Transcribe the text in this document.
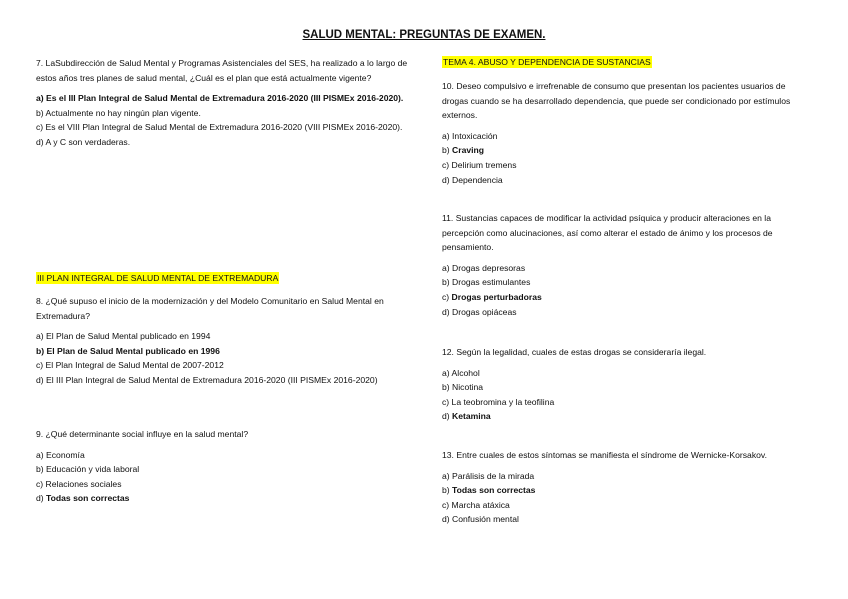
SALUD MENTAL: PREGUNTAS DE EXAMEN.

7. LaSubdirección de Salud Mental y Programas Asistenciales del SES, ha realizado a lo largo de estos años tres planes de salud mental, ¿Cuál es el plan que está actualmente vigente?

a) Es el III Plan Integral de Salud Mental de Extremadura 2016-2020 (III PISMEx 2016-2020).

b) Actualmente no hay ningún plan vigente.

c) Es el VIII Plan Integral de Salud Mental de Extremadura 2016-2020 (VIII PISMEx 2016-2020).

d) A y C son verdaderas.

III PLAN INTEGRAL DE SALUD MENTAL DE EXTREMADURA

8. ¿Qué supuso el inicio de la modernización y del Modelo Comunitario en Salud Mental en Extremadura?

a) El Plan de Salud Mental publicado en 1994

b) El Plan de Salud Mental publicado en 1996

c) El Plan Integral de Salud Mental de 2007-2012

d) El III Plan Integral de Salud Mental de Extremadura 2016-2020 (III PISMEx 2016-2020)

9. ¿Qué determinante social influye en la salud mental?

a) Economía

b) Educación y vida laboral

c) Relaciones sociales

d) Todas son correctas

TEMA 4. ABUSO Y DEPENDENCIA DE SUSTANCIAS

10. Deseo compulsivo e irrefrenable de consumo que presentan los pacientes usuarios de drogas cuando se ha desarrollado dependencia, que puede ser condicionado por estímulos externos.

a) Intoxicación

b) Craving

c) Delirium tremens

d) Dependencia

11. Sustancias capaces de modificar la actividad psíquica y producir alteraciones en la percepción como alucinaciones, así como alterar el estado de ánimo y los procesos de pensamiento.

a) Drogas depresoras

b) Drogas estimulantes

c) Drogas perturbadoras

d) Drogas opiáceas

12. Según la legalidad, cuales de estas drogas se consideraría ilegal.

a) Alcohol

b) Nicotina

c) La teobromina y la teofilina

d) Ketamina

13. Entre cuales de estos síntomas se manifiesta el síndrome de Wernicke-Korsakov.

a) Parálisis de la mirada

b) Todas son correctas

c) Marcha atáxica

d) Confusión mental
